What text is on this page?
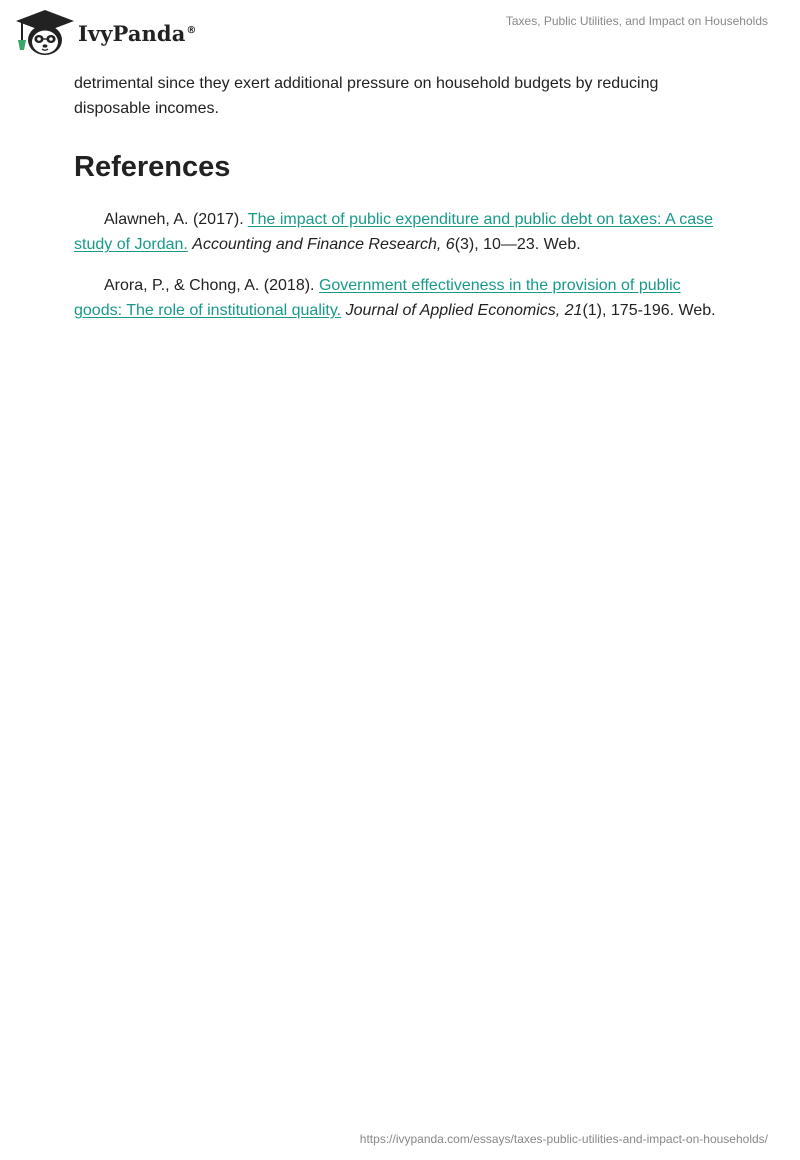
IvyPanda®
Taxes, Public Utilities, and Impact on Households

detrimental since they exert additional pressure on household budgets by reducing disposable incomes.

References

Alawneh, A. (2017). The impact of public expenditure and public debt on taxes: A case study of Jordan. Accounting and Finance Research, 6(3), 10—23. Web.

Arora, P., & Chong, A. (2018). Government effectiveness in the provision of public goods: The role of institutional quality. Journal of Applied Economics, 21(1), 175-196. Web.

https://ivypanda.com/essays/taxes-public-utilities-and-impact-on-households/
